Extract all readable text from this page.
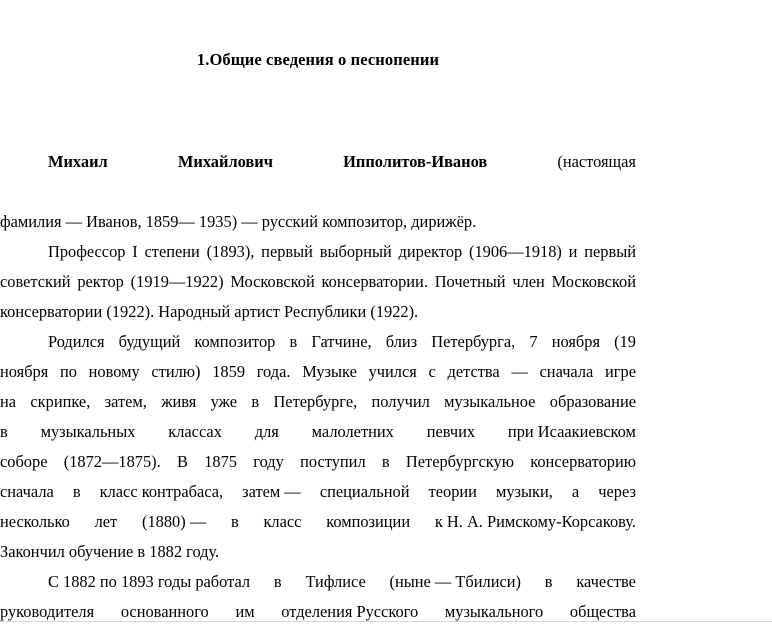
1.Общие сведения о песнопении

Михаил	Михайлович	Ипполитов-Иванов	(настоящая
фамилия — Иванов, 1859— 1935) — русский композитор, дирижёр.

Профессор I степени (1893), первый выборный директор (1906—1918) и первый советский ректор (1919—1922) Московской консерватории. Почетный член Московской консерватории (1922). Народный артист Республики (1922).

Родился будущий композитор в Гатчине, близ Петербурга, 7 ноября (19
ноября по новому стилю) 1859 года. Музыке учился с детства — сначала игре
на скрипке, затем, живя уже в Петербурге, получил музыкальное образование
в музыкальных классах для малолетних певчих при Исаакиевском
соборе (1872—1875). В 1875 году поступил в Петербургскую консерваторию
сначала в класс контрабаса, затем — специальной теории музыки, а через
несколько лет (1880) — в класс композиции к Н. А. Римскому-Корсакову.
Закончил обучение в 1882 году.

С 1882 по 1893 годы работал в Тифлисе (ныне — Тбилиси) в качестве
руководителя основанного им отделения Русского музыкального общества
